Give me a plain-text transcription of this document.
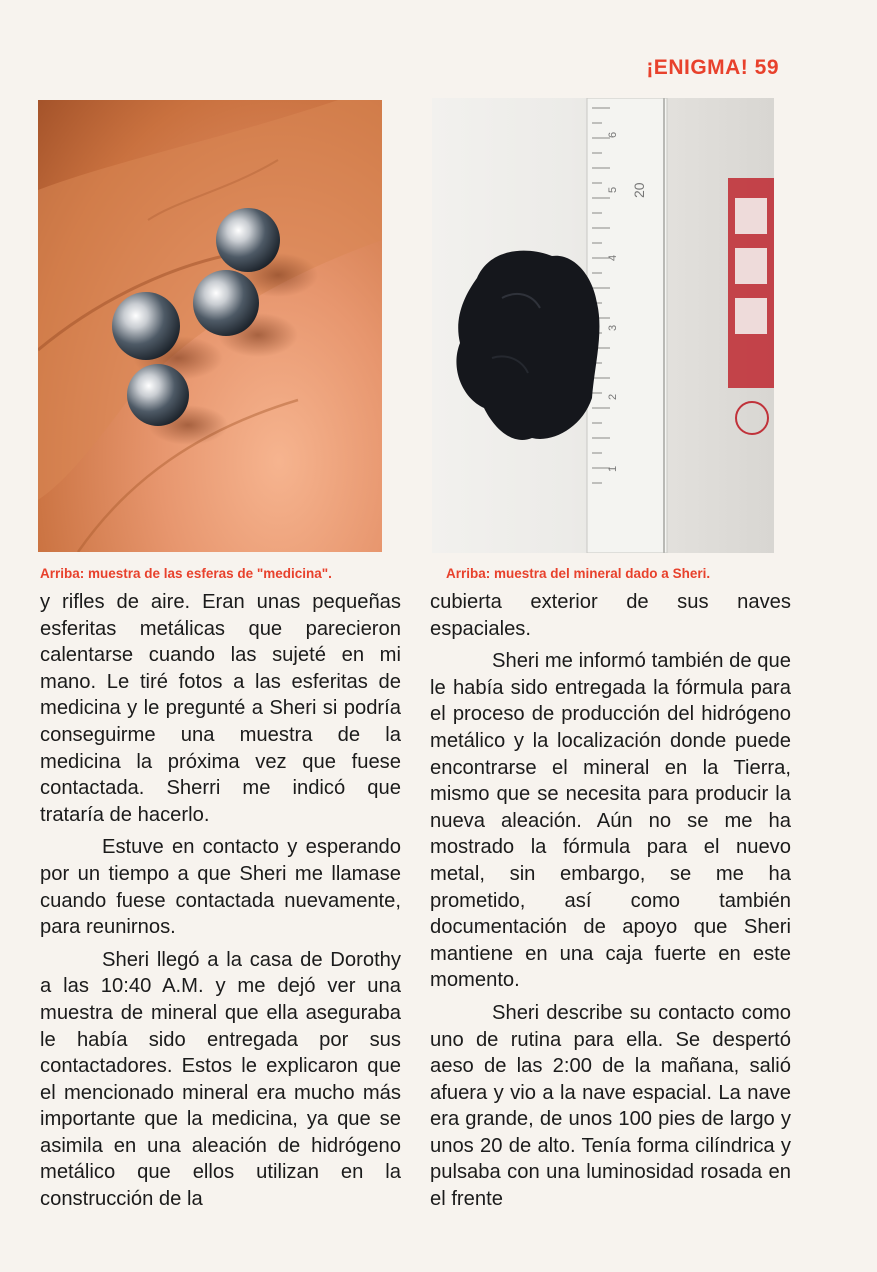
¡ENIGMA! 59
1
2
3
4
5
6
20
Arriba: muestra de las esferas de "medicina".	Arriba: muestra del mineral dado a Sheri.

y rifles de aire. Eran unas pequeñas esferitas metálicas que parecieron calentarse cuando las sujeté en mi mano. Le tiré fotos a las esferitas de medicina y le pregunté a Sheri si podría conseguirme una muestra de la medicina la próxima vez que fuese contactada. Sherri me indicó que trataría de hacerlo.

Estuve en contacto y esperando por un tiempo a que Sheri me llamase cuando fuese contactada nuevamente, para reunirnos.

Sheri llegó a la casa de Dorothy a las 10:40 A.M. y me dejó ver una muestra de mineral que ella aseguraba le había sido entregada por sus contactadores. Estos le explicaron que el mencionado mineral era mucho más importante que la medicina, ya que se asimila en una aleación de hidrógeno metálico que ellos utilizan en la construcción de la

cubierta exterior de sus naves espaciales.

Sheri me informó también de que le había sido entregada la fórmula para el proceso de producción del hidrógeno metálico y la localización donde puede encontrarse el mineral en la Tierra, mismo que se necesita para producir la nueva aleación. Aún no se me ha mostrado la fórmula para el nuevo metal, sin embargo, se me ha prometido, así como también documentación de apoyo que Sheri mantiene en una caja fuerte en este momento.

Sheri describe su contacto como uno de rutina para ella. Se despertó aeso de las 2:00 de la mañana, salió afuera y vio a la nave espacial. La nave era grande, de unos 100 pies de largo y unos 20 de alto. Tenía forma cilíndrica y pulsaba con una luminosidad rosada en el frente
